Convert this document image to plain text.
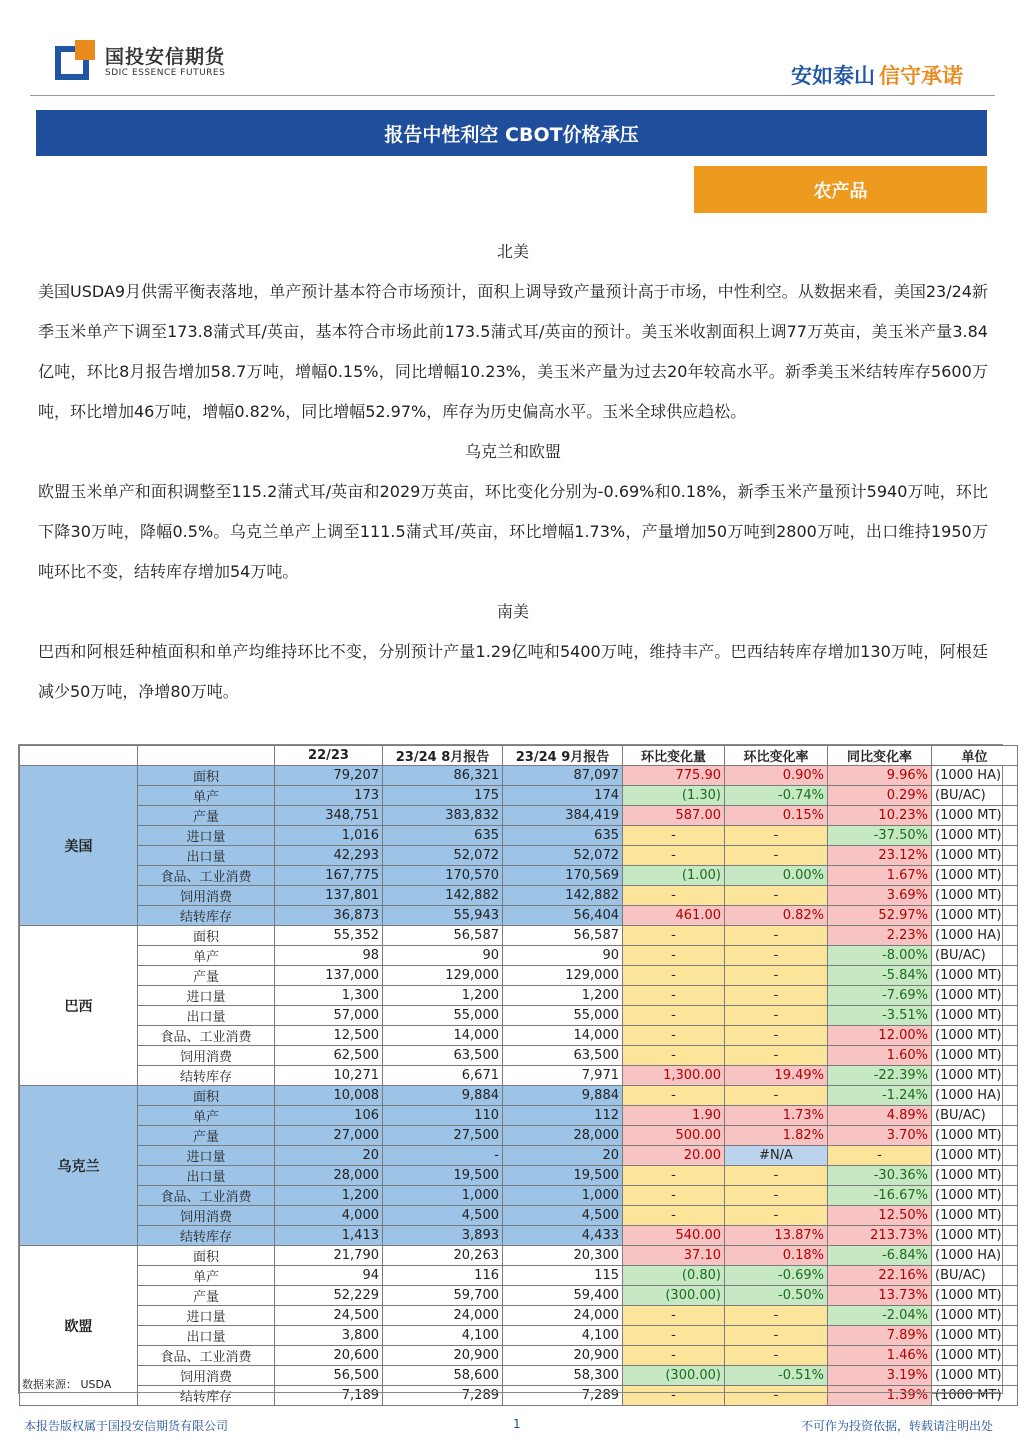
国投安信期货
SDIC ESSENCE FUTURES	安如泰山 信守承诺
报告中性利空 CBOT价格承压
农产品
北美

美国USDA9月供需平衡表落地，单产预计基本符合市场预计，面积上调导致产量预计高于市场，中性利空。从数据来看，美国23/24新季玉米单产下调至173.8蒲式耳/英亩，基本符合市场此前173.5蒲式耳/英亩的预计。美玉米收割面积上调77万英亩，美玉米产量3.84亿吨，环比8月报告增加58.7万吨，增幅0.15%，同比增幅10.23%，美玉米产量为过去20年较高水平。新季美玉米结转库存5600万吨，环比增加46万吨，增幅0.82%，同比增幅52.97%，库存为历史偏高水平。玉米全球供应趋松。

乌克兰和欧盟

欧盟玉米单产和面积调整至115.2蒲式耳/英亩和2029万英亩，环比变化分别为-0.69%和0.18%，新季玉米产量预计5940万吨，环比下降30万吨，降幅0.5%。乌克兰单产上调至111.5蒲式耳/英亩，环比增幅1.73%，产量增加50万吨到2800万吨，出口维持1950万吨环比不变，结转库存增加54万吨。

南美

巴西和阿根廷种植面积和单产均维持环比不变，分别预计产量1.29亿吨和5400万吨，维持丰产。巴西结转库存增加130万吨，阿根廷减少50万吨，净增80万吨。

		22/23	23/24 8月报告	23/24 9月报告	环比变化量	环比变化率	同比变化率	单位
美国	面积	79,207	86,321	87,097	775.90	0.90%	9.96%	(1000 HA)
	单产	173	175	174	(1.30)	-0.74%	0.29%	(BU/AC)
	产量	348,751	383,832	384,419	587.00	0.15%	10.23%	(1000 MT)
	进口量	1,016	635	635	-	-	-37.50%	(1000 MT)
	出口量	42,293	52,072	52,072	-	-	23.12%	(1000 MT)
	食品、工业消费	167,775	170,570	170,569	(1.00)	0.00%	1.67%	(1000 MT)
	饲用消费	137,801	142,882	142,882	-	-	3.69%	(1000 MT)
	结转库存	36,873	55,943	56,404	461.00	0.82%	52.97%	(1000 MT)
巴西	面积	55,352	56,587	56,587	-	-	2.23%	(1000 HA)
	单产	98	90	90	-	-	-8.00%	(BU/AC)
	产量	137,000	129,000	129,000	-	-	-5.84%	(1000 MT)
	进口量	1,300	1,200	1,200	-	-	-7.69%	(1000 MT)
	出口量	57,000	55,000	55,000	-	-	-3.51%	(1000 MT)
	食品、工业消费	12,500	14,000	14,000	-	-	12.00%	(1000 MT)
	饲用消费	62,500	63,500	63,500	-	-	1.60%	(1000 MT)
	结转库存	10,271	6,671	7,971	1,300.00	19.49%	-22.39%	(1000 MT)
乌克兰	面积	10,008	9,884	9,884	-	-	-1.24%	(1000 HA)
	单产	106	110	112	1.90	1.73%	4.89%	(BU/AC)
	产量	27,000	27,500	28,000	500.00	1.82%	3.70%	(1000 MT)
	进口量	20	-	20	20.00	#N/A	-	(1000 MT)
	出口量	28,000	19,500	19,500	-	-	-30.36%	(1000 MT)
	食品、工业消费	1,200	1,000	1,000	-	-	-16.67%	(1000 MT)
	饲用消费	4,000	4,500	4,500	-	-	12.50%	(1000 MT)
	结转库存	1,413	3,893	4,433	540.00	13.87%	213.73%	(1000 MT)
欧盟	面积	21,790	20,263	20,300	37.10	0.18%	-6.84%	(1000 HA)
	单产	94	116	115	(0.80)	-0.69%	22.16%	(BU/AC)
	产量	52,229	59,700	59,400	(300.00)	-0.50%	13.73%	(1000 MT)
	进口量	24,500	24,000	24,000	-	-	-2.04%	(1000 MT)
	出口量	3,800	4,100	4,100	-	-	7.89%	(1000 MT)
	食品、工业消费	20,600	20,900	20,900	-	-	1.46%	(1000 MT)
	饲用消费	56,500	58,600	58,300	(300.00)	-0.51%	3.19%	(1000 MT)
	结转库存	7,189	7,289	7,289	-	-	1.39%	(1000 MT)
数据来源： USDA
本报告版权属于国投安信期货有限公司	1	不可作为投资依据，转载请注明出处
